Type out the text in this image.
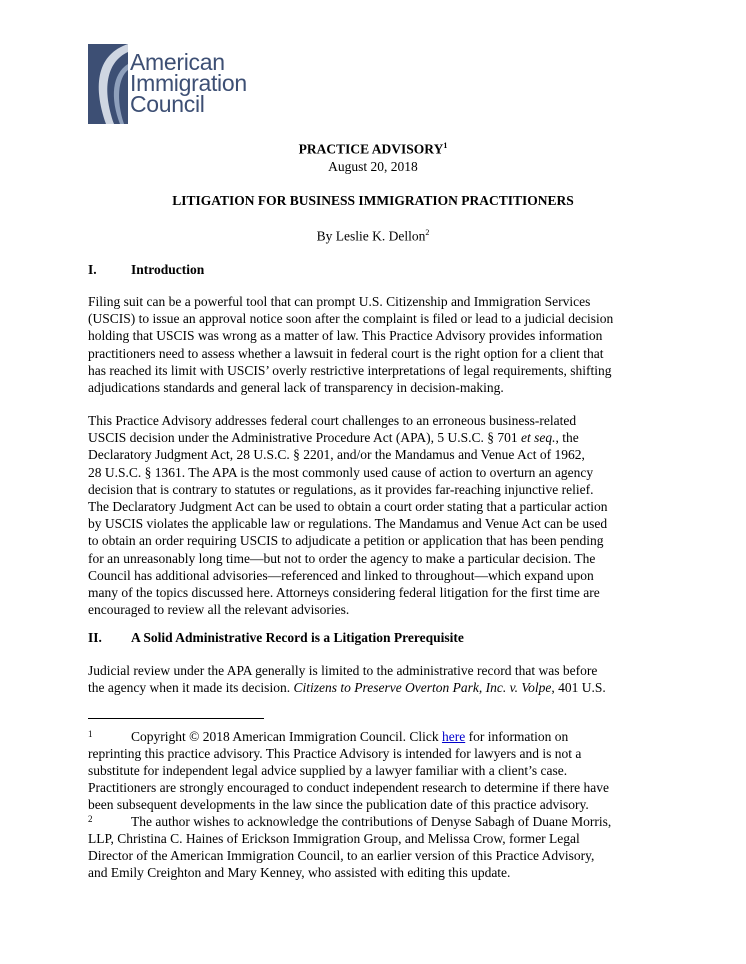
American
Immigration
Council
PRACTICE ADVISORY$^1$
August 20, 2018
LITIGATION FOR BUSINESS IMMIGRATION PRACTITIONERS
By Leslie K. Dellon$^2$
I.	Introduction
Filing suit can be a powerful tool that can prompt U.S. Citizenship and Immigration Services
(USCIS) to issue an approval notice soon after the complaint is filed or lead to a judicial decision
holding that USCIS was wrong as a matter of law. This Practice Advisory provides information
practitioners need to assess whether a lawsuit in federal court is the right option for a client that
has reached its limit with USCIS’ overly restrictive interpretations of legal requirements, shifting
adjudications standards and general lack of transparency in decision-making.
This Practice Advisory addresses federal court challenges to an erroneous business-related
USCIS decision under the Administrative Procedure Act (APA), 5 U.S.C. § 701 et seq., the
Declaratory Judgment Act, 28 U.S.C. § 2201, and/or the Mandamus and Venue Act of 1962,
28 U.S.C. § 1361. The APA is the most commonly used cause of action to overturn an agency
decision that is contrary to statutes or regulations, as it provides far-reaching injunctive relief.
The Declaratory Judgment Act can be used to obtain a court order stating that a particular action
by USCIS violates the applicable law or regulations. The Mandamus and Venue Act can be used
to obtain an order requiring USCIS to adjudicate a petition or application that has been pending
for an unreasonably long time—but not to order the agency to make a particular decision. The
Council has additional advisories—referenced and linked to throughout—which expand upon
many of the topics discussed here. Attorneys considering federal litigation for the first time are
encouraged to review all the relevant advisories.
II. A Solid Administrative Record is a Litigation Prerequisite
Judicial review under the APA generally is limited to the administrative record that was before
the agency when it made its decision. Citizens to Preserve Overton Park, Inc. v. Volpe, 401 U.S.
1	Copyright © 2018 American Immigration Council. Click here for information on
reprinting this practice advisory. This Practice Advisory is intended for lawyers and is not a
substitute for independent legal advice supplied by a lawyer familiar with a client’s case.
Practitioners are strongly encouraged to conduct independent research to determine if there have
been subsequent developments in the law since the publication date of this practice advisory.
2	The author wishes to acknowledge the contributions of Denyse Sabagh of Duane Morris,
LLP, Christina C. Haines of Erickson Immigration Group, and Melissa Crow, former Legal
Director of the American Immigration Council, to an earlier version of this Practice Advisory,
and Emily Creighton and Mary Kenney, who assisted with editing this update.
